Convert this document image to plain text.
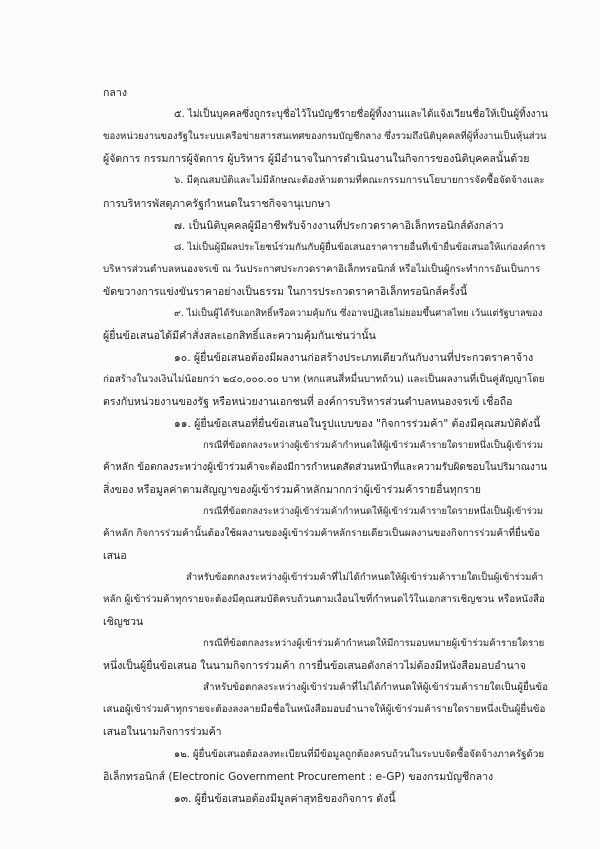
กลาง
๕. ไม่เป็นบุคคลซึ่งถูกระบุชื่อไว้ในบัญชีรายชื่อผู้ทิ้งงานและได้แจ้งเวียนชื่อให้เป็นผู้ทิ้งงาน
ของหน่วยงานของรัฐในระบบเครือข่ายสารสนเทศของกรมบัญชีกลาง ซึ่งรวมถึงนิติบุคคลที่ผู้ทิ้งงานเป็นหุ้นส่วน
ผู้จัดการ กรรมการผู้จัดการ ผู้บริหาร ผู้มีอำนาจในการดำเนินงานในกิจการของนิติบุคคลนั้นด้วย
๖. มีคุณสมบัติและไม่มีลักษณะต้องห้ามตามที่คณะกรรมการนโยบายการจัดซื้อจัดจ้างและ
การบริหารพัสดุภาครัฐกำหนดในราชกิจจานุเบกษา
๗. เป็นนิติบุคคลผู้มีอาชีพรับจ้างงานที่ประกวดราคาอิเล็กทรอนิกส์ดังกล่าว
๘. ไม่เป็นผู้มีผลประโยชน์ร่วมกันกับผู้ยื่นข้อเสนอราคารายอื่นที่เข้ายื่นข้อเสนอให้แก่องค์การ
บริหารส่วนตำบลหนองจรเข้ ณ วันประกาศประกวดราคาอิเล็กทรอนิกส์ หรือไม่เป็นผู้กระทำการอันเป็นการ
ขัดขวางการแข่งขันราคาอย่างเป็นธรรม ในการประกวดราคาอิเล็กทรอนิกส์ครั้งนี้
๙. ไม่เป็นผู้ได้รับเอกสิทธิ์หรือความคุ้มกัน ซึ่งอาจปฏิเสธไม่ยอมขึ้นศาลไทย เว้นแต่รัฐบาลของ
ผู้ยื่นข้อเสนอได้มีคำสั่งสละเอกสิทธิ์และความคุ้มกันเช่นว่านั้น
๑๐. ผู้ยื่นข้อเสนอต้องมีผลงานก่อสร้างประเภทเดียวกันกับงานที่ประกวดราคาจ้าง
ก่อสร้างในวงเงินไม่น้อยกว่า ๒๔๐,๐๐๐.๐๐ บาท (หกแสนสี่หมื่นบาทถ้วน) และเป็นผลงานที่เป็นคู่สัญญาโดย
ตรงกับหน่วยงานของรัฐ หรือหน่วยงานเอกชนที่ องค์การบริหารส่วนตำบลหนองจรเข้ เชื่อถือ
๑๑. ผู้ยื่นข้อเสนอที่ยื่นข้อเสนอในรูปแบบของ "กิจการร่วมค้า" ต้องมีคุณสมบัติดังนี้
กรณีที่ข้อตกลงระหว่างผู้เข้าร่วมค้ากำหนดให้ผู้เข้าร่วมค้ารายใดรายหนึ่งเป็นผู้เข้าร่วม
ค้าหลัก ข้อตกลงระหว่างผู้เข้าร่วมค้าจะต้องมีการกำหนดสัดส่วนหน้าที่และความรับผิดชอบในปริมาณงาน
สิ่งของ หรือมูลค่าตามสัญญาของผู้เข้าร่วมค้าหลักมากกว่าผู้เข้าร่วมค้ารายอื่นทุกราย
กรณีที่ข้อตกลงระหว่างผู้เข้าร่วมค้ากำหนดให้ผู้เข้าร่วมค้ารายใดรายหนึ่งเป็นผู้เข้าร่วม
ค้าหลัก กิจการร่วมค้านั้นต้องใช้ผลงานของผู้เข้าร่วมค้าหลักรายเดียวเป็นผลงานของกิจการร่วมค้าที่ยื่นข้อ
เสนอ
สำหรับข้อตกลงระหว่างผู้เข้าร่วมค้าที่ไม่ได้กำหนดให้ผู้เข้าร่วมค้ารายใดเป็นผู้เข้าร่วมค้า
หลัก ผู้เข้าร่วมค้าทุกรายจะต้องมีคุณสมบัติครบถ้วนตามเงื่อนไขที่กำหนดไว้ในเอกสารเชิญชวน หรือหนังสือ
เชิญชวน
กรณีที่ข้อตกลงระหว่างผู้เข้าร่วมค้ากำหนดให้มีการมอบหมายผู้เข้าร่วมค้ารายใดราย
หนึ่งเป็นผู้ยื่นข้อเสนอ ในนามกิจการร่วมค้า การยื่นข้อเสนอดังกล่าวไม่ต้องมีหนังสือมอบอำนาจ
สำหรับข้อตกลงระหว่างผู้เข้าร่วมค้าที่ไม่ได้กำหนดให้ผู้เข้าร่วมค้ารายใดเป็นผู้ยื่นข้อ
เสนอผู้เข้าร่วมค้าทุกรายจะต้องลงลายมือชื่อในหนังสือมอบอำนาจให้ผู้เข้าร่วมค้ารายใดรายหนึ่งเป็นผู้ยื่นข้อ
เสนอในนามกิจการร่วมค้า
๑๒. ผู้ยื่นข้อเสนอต้องลงทะเบียนที่มีข้อมูลถูกต้องครบถ้วนในระบบจัดซื้อจัดจ้างภาครัฐด้วย
อิเล็กทรอนิกส์ (Electronic Government Procurement : e-GP) ของกรมบัญชีกลาง
๑๓. ผู้ยื่นข้อเสนอต้องมีมูลค่าสุทธิของกิจการ ดังนี้
